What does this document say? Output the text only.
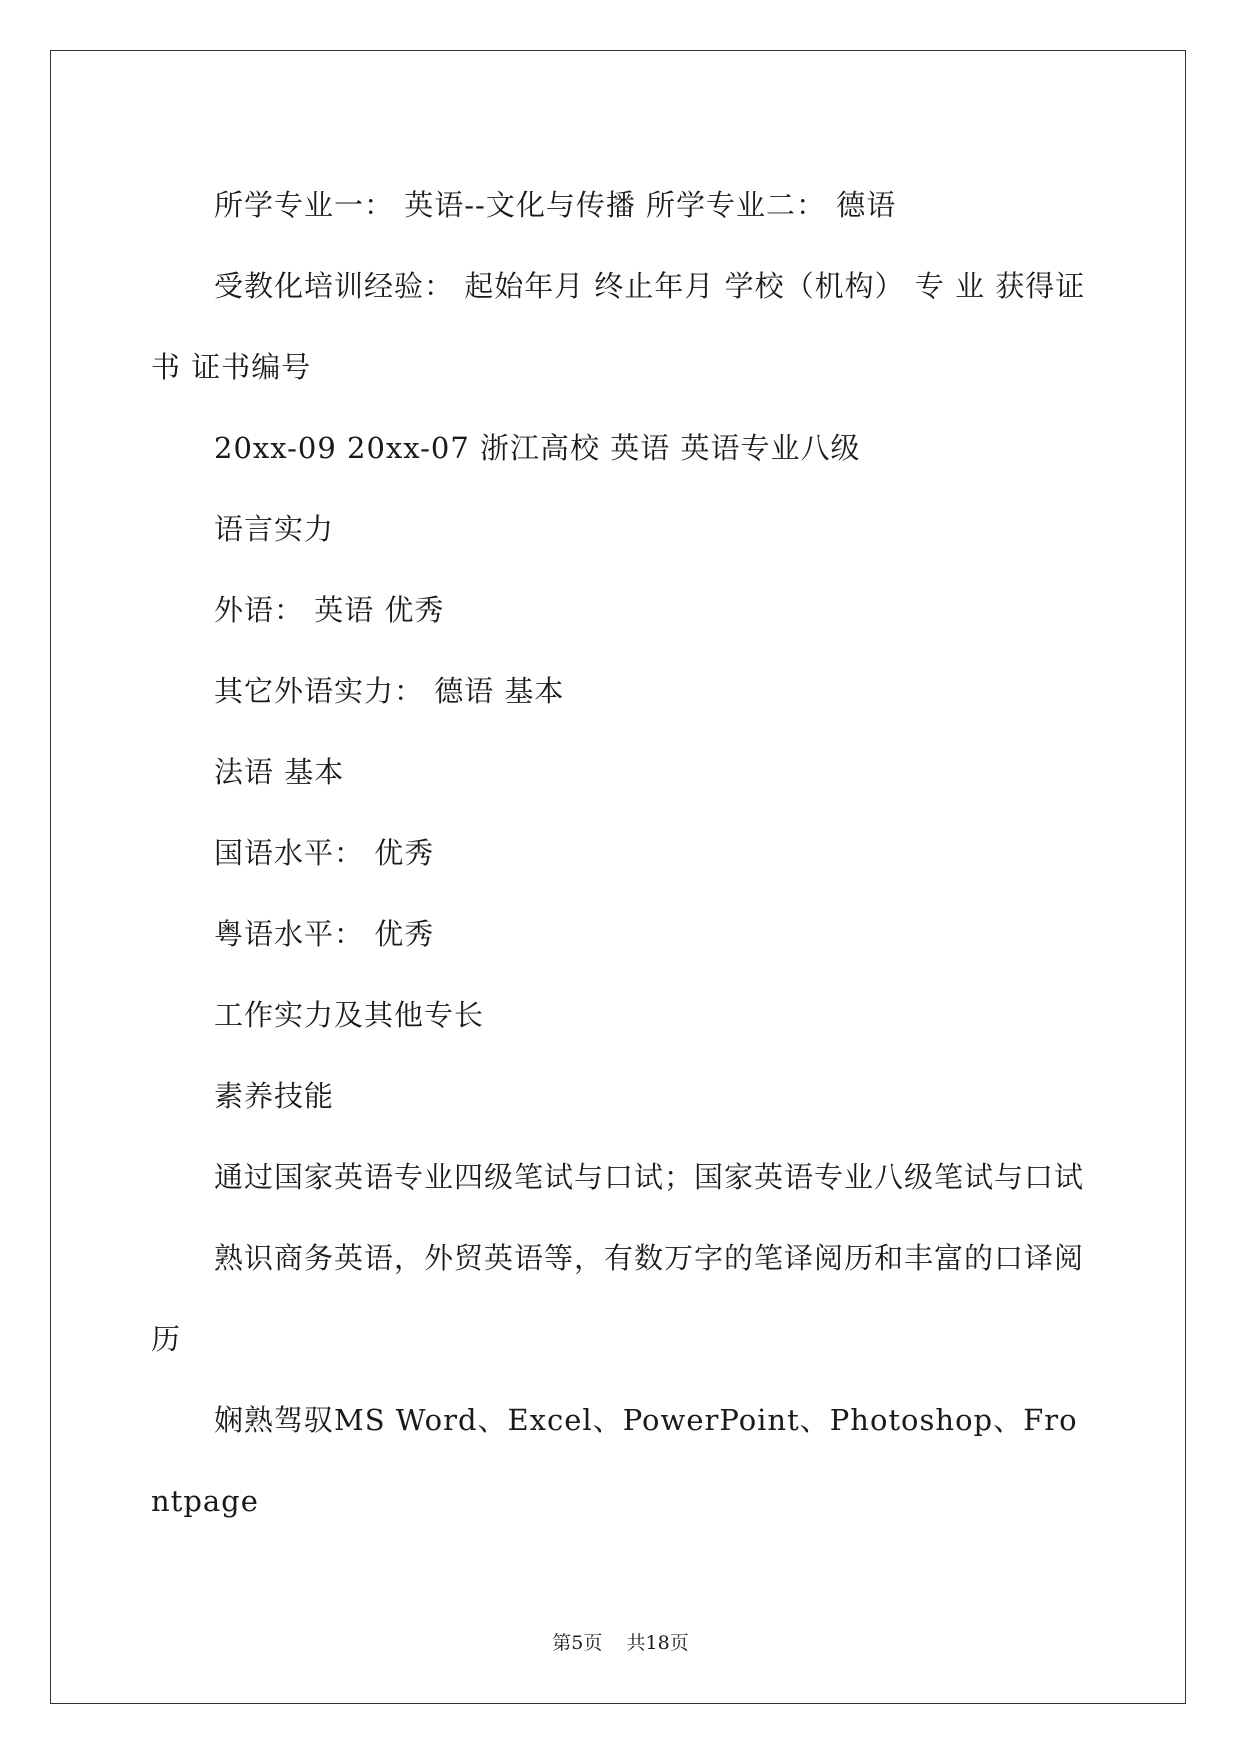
所学专业一： 英语--文化与传播 所学专业二： 德语

受教化培训经验： 起始年月 终止年月 学校（机构） 专 业 获得证书 证书编号

20xx-09 20xx-07 浙江高校 英语 英语专业八级

语言实力

外语： 英语 优秀

其它外语实力： 德语 基本

法语 基本

国语水平： 优秀

粤语水平： 优秀

工作实力及其他专长

素养技能

通过国家英语专业四级笔试与口试；国家英语专业八级笔试与口试

熟识商务英语，外贸英语等，有数万字的笔译阅历和丰富的口译阅历

娴熟驾驭MS Word、Excel、PowerPoint、Photoshop、Frontpage

第5页 共18页
